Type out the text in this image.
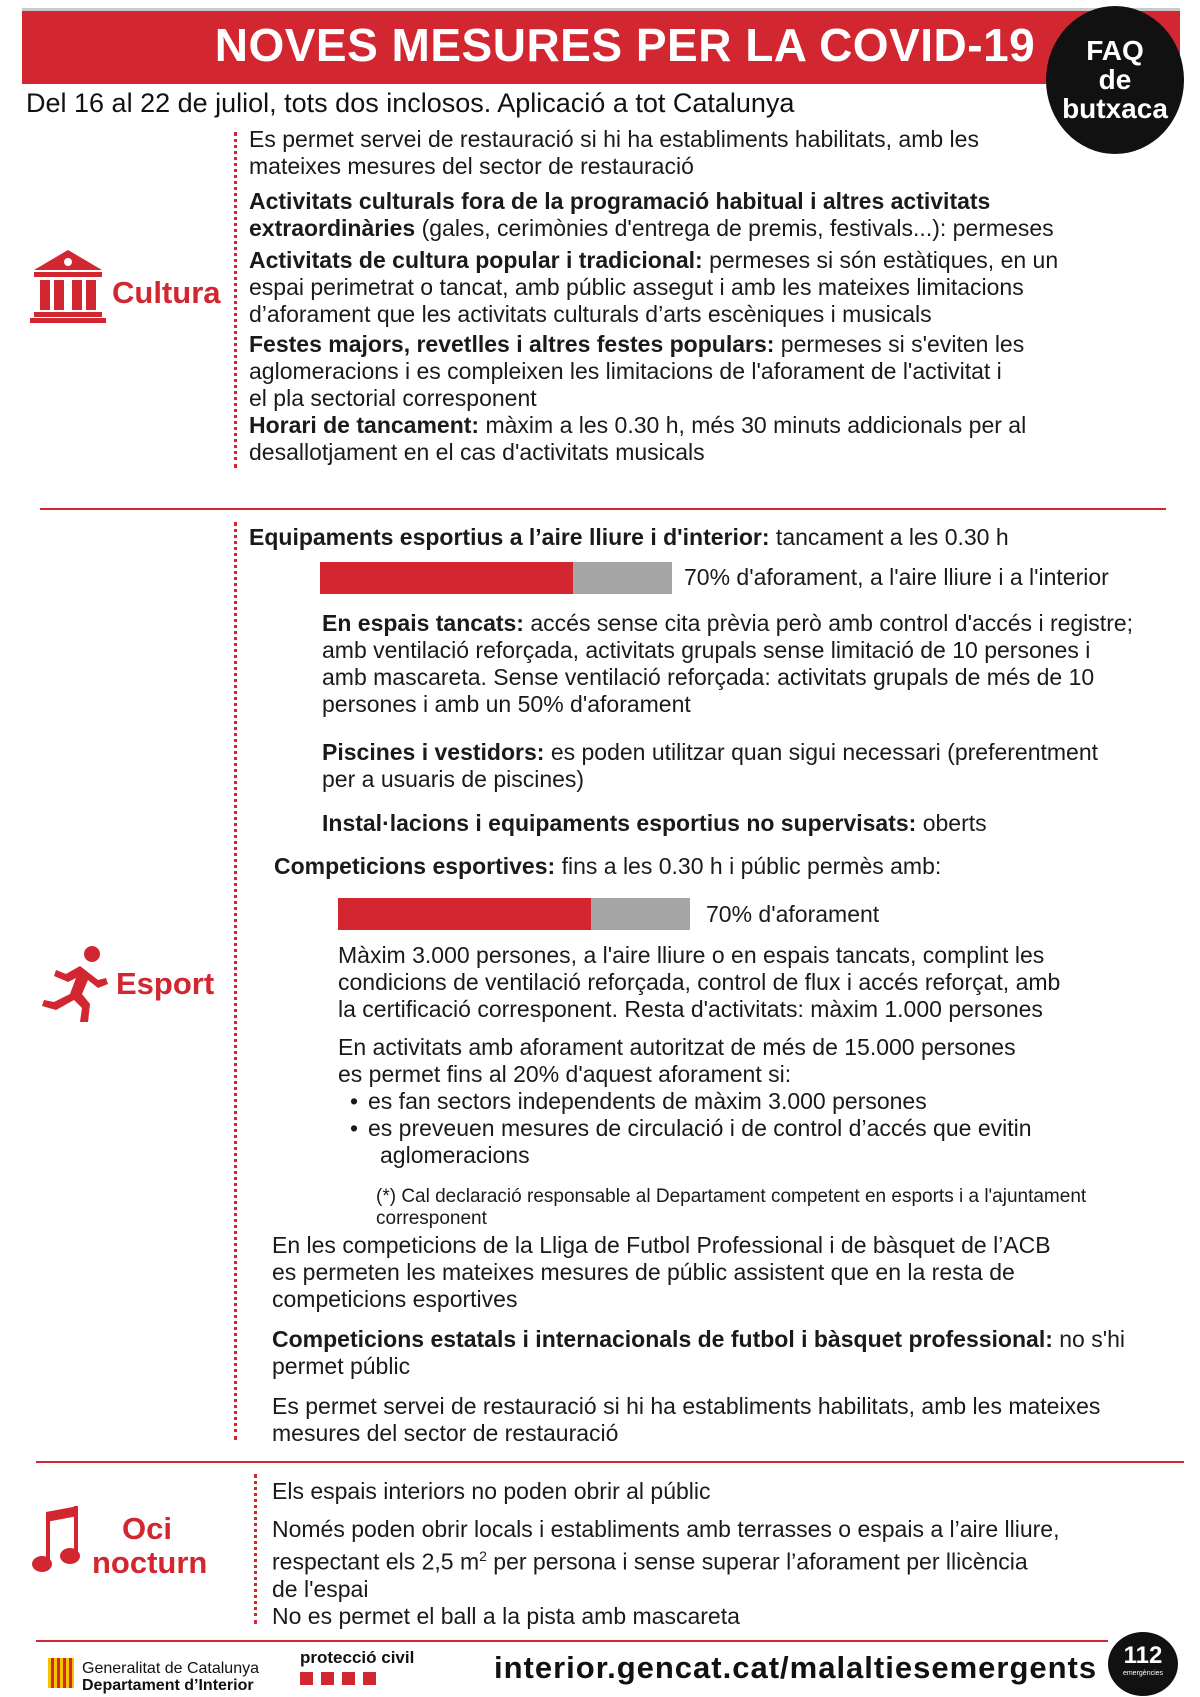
NOVES MESURES PER LA COVID-19
Del 16 al 22 de juliol, tots dos inclosos. Aplicació a tot Catalunya
FAQ
de
butxaca
Cultura
Es permet servei de restauració si hi ha establiments habilitats, amb les
mateixes mesures del sector de restauració
Activitats culturals fora de la programació habitual i altres activitats
extraordinàries (gales, cerimònies d'entrega de premis, festivals...): permeses
Activitats de cultura popular i tradicional: permeses si són estàtiques, en un
espai perimetrat o tancat, amb públic assegut i amb les mateixes limitacions
d’aforament que les activitats culturals d’arts escèniques i musicals
Festes majors, revetlles i altres festes populars: permeses si s'eviten les
aglomeracions i es compleixen les limitacions de l'aforament de l'activitat i
el pla sectorial corresponent
Horari de tancament: màxim a les 0.30 h, més 30 minuts addicionals per al
desallotjament en el cas d'activitats musicals
Esport
Equipaments esportius a l’aire lliure i d'interior: tancament a les 0.30 h
70% d'aforament, a l'aire lliure i a l'interior
En espais tancats: accés sense cita prèvia però amb control d'accés i registre;
amb ventilació reforçada, activitats grupals sense limitació de 10 persones i
amb mascareta. Sense ventilació reforçada: activitats grupals de més de 10
persones i amb un 50% d'aforament
Piscines i vestidors: es poden utilitzar quan sigui necessari (preferentment
per a usuaris de piscines)
Instal·lacions i equipaments esportius no supervisats: oberts
Competicions esportives: fins a les 0.30 h i públic permès amb:
70% d'aforament
Màxim 3.000 persones, a l'aire lliure o en espais tancats, complint les
condicions de ventilació reforçada, control de flux i accés reforçat, amb
la certificació corresponent. Resta d'activitats: màxim 1.000 persones
En activitats amb aforament autoritzat de més de 15.000 persones
es permet fins al 20% d'aquest aforament si:
• es fan sectors independents de màxim 3.000 persones
• es preveuen mesures de circulació i de control d’accés que evitin
aglomeracions
(*) Cal declaració responsable al Departament competent en esports i a l'ajuntament
corresponent
En les competicions de la Lliga de Futbol Professional i de bàsquet de l’ACB
es permeten les mateixes mesures de públic assistent que en la resta de
competicions esportives
Competicions estatals i internacionals de futbol i bàsquet professional: no s'hi
permet públic
Es permet servei de restauració si hi ha establiments habilitats, amb les mateixes
mesures del sector de restauració
Oci
nocturn
Els espais interiors no poden obrir al públic
Només poden obrir locals i establiments amb terrasses o espais a l’aire lliure,
respectant els 2,5 $m^2$ per persona i sense superar l’aforament per llicència
de l'espai
No es permet el ball a la pista amb mascareta
Generalitat de Catalunya
Departament d’Interior
protecció civil	interior.gencat.cat/malaltiesemergents	112
emergències
